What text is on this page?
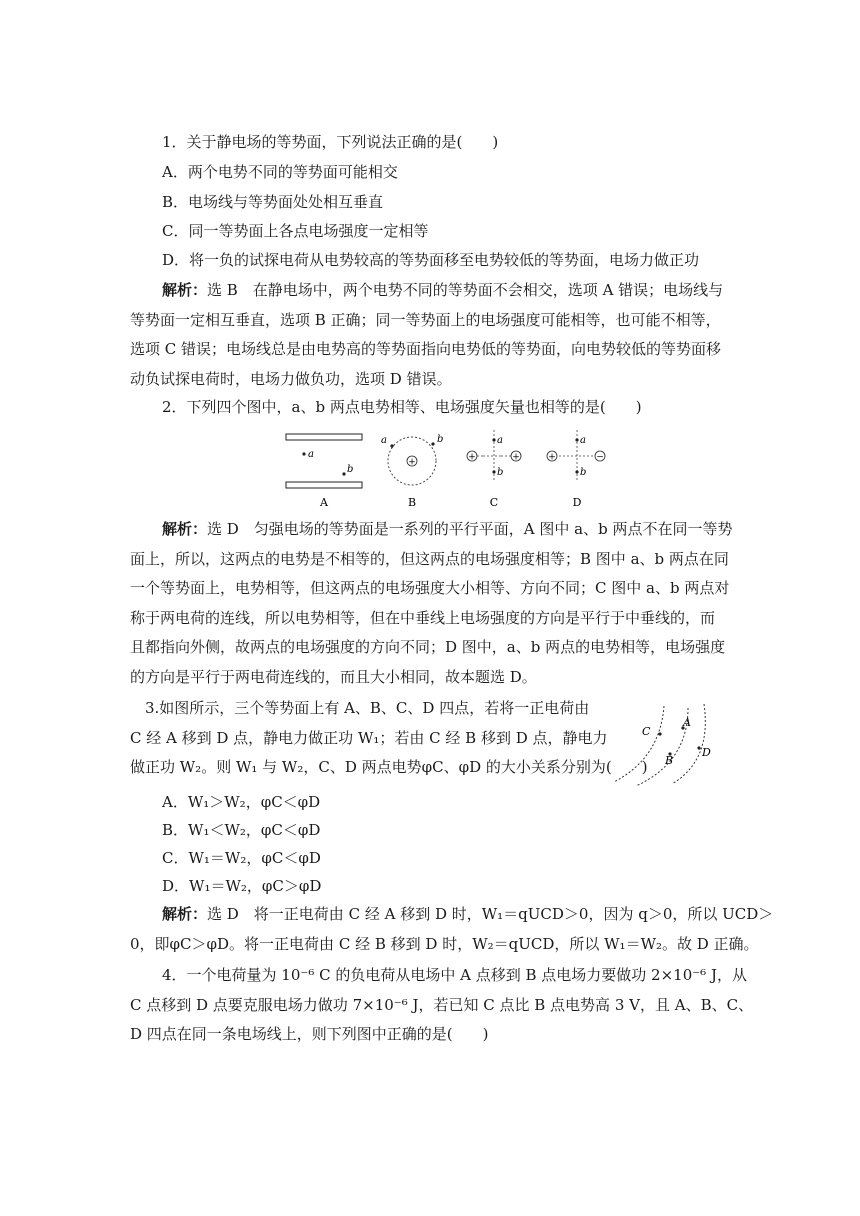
1．关于静电场的等势面，下列说法正确的是(　　)
A．两个电势不同的等势面可能相交
B．电场线与等势面处处相互垂直
C．同一等势面上各点电场强度一定相等
D．将一负的试探电荷从电势较高的等势面移至电势较低的等势面，电场力做正功

解析：选 B　在静电场中，两个电势不同的等势面不会相交，选项 A 错误；电场线与

等势面一定相互垂直，选项 B 正确；同一等势面上的电场强度可能相等，也可能不相等，

选项 C 错误；电场线总是由电势高的等势面指向电势低的等势面，向电势较低的等势面移

动负试探电荷时，电场力做负功，选项 D 错误。

2．下列四个图中，a、b 两点电势相等、电场强度矢量也相等的是(　　)
a
b
A
+
a	b
B
+	+
a
b
C
+	−
a
b
D

解析：选 D　匀强电场的等势面是一系列的平行平面，A 图中 a、b 两点不在同一等势

面上，所以，这两点的电势是不相等的，但这两点的电场强度相等；B 图中 a、b 两点在同

一个等势面上，电势相等，但这两点的电场强度大小相等、方向不同；C 图中 a、b 两点对

称于两电荷的连线，所以电势相等，但在中垂线上电场强度的方向是平行于中垂线的，而

且都指向外侧，故两点的电场强度的方向不同；D 图中，a、b 两点的电势相等，电场强度

的方向是平行于两电荷连线的，而且大小相同，故本题选 D。

3.如图所示，三个等势面上有 A、B、C、D 四点，若将一正电荷由

C 经 A 移到 D 点，静电力做正功 W₁；若由 C 经 B 移到 D 点，静电力

做正功 W₂。则 W₁ 与 W₂，C、D 两点电势φC、φD 的大小关系分别为(　　)

C
A
B
D
A．W₁＞W₂，φC＜φD
B．W₁＜W₂，φC＜φD
C．W₁＝W₂，φC＜φD
D．W₁＝W₂，φC＞φD

解析：选 D　将一正电荷由 C 经 A 移到 D 时，W₁＝qUCD＞0，因为 q＞0，所以 UCD＞

0，即φC＞φD。将一正电荷由 C 经 B 移到 D 时，W₂＝qUCD，所以 W₁＝W₂。故 D 正确。

4．一个电荷量为 10⁻⁶ C 的负电荷从电场中 A 点移到 B 点电场力要做功 2×10⁻⁶ J，从

C 点移到 D 点要克服电场力做功 7×10⁻⁶ J，若已知 C 点比 B 点电势高 3 V，且 A、B、C、

D 四点在同一条电场线上，则下列图中正确的是(　　)
